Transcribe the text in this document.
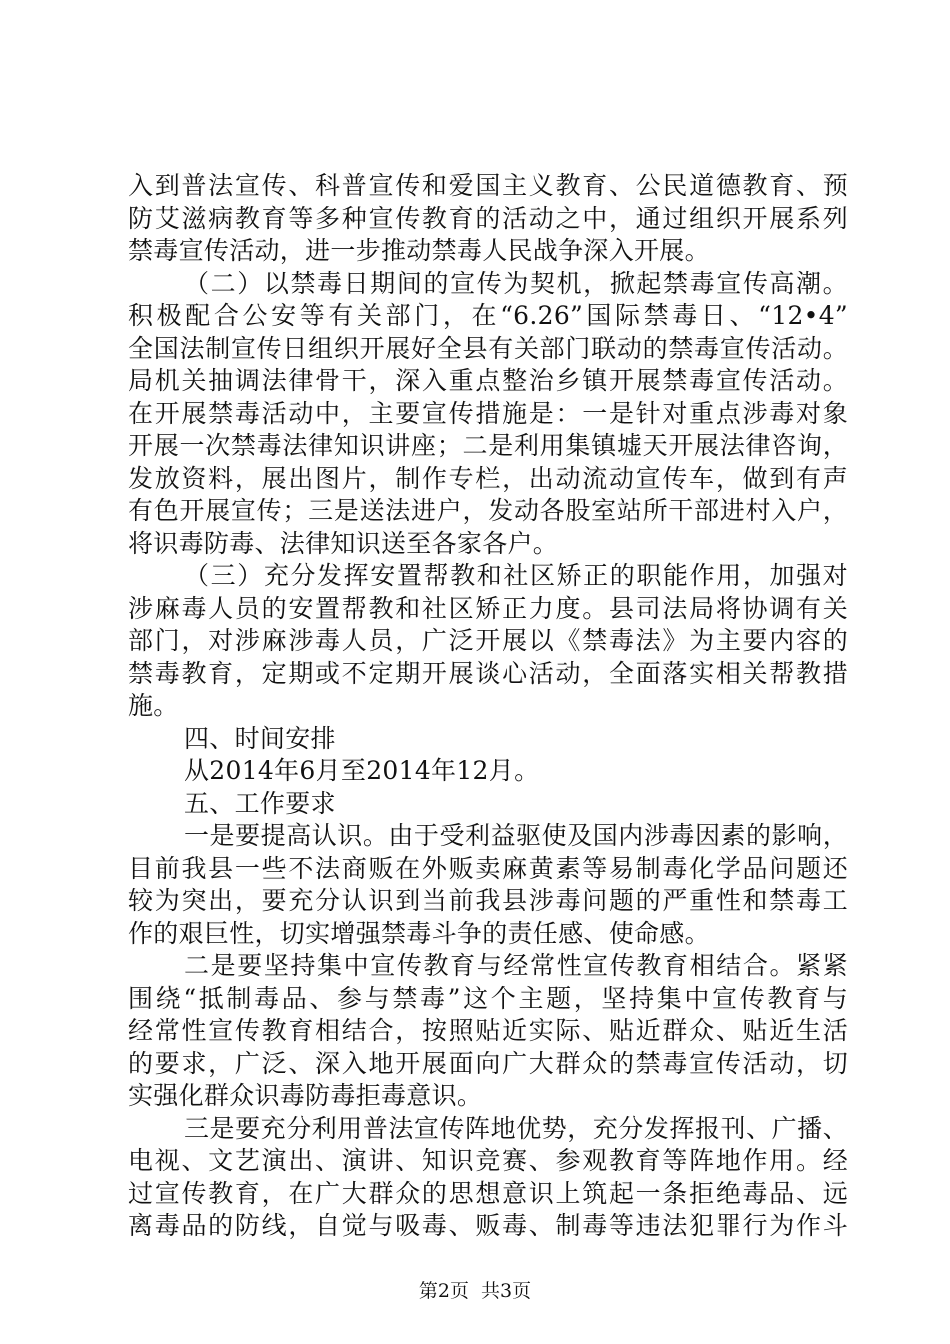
入到普法宣传、科普宣传和爱国主义教育、公民道德教育、预
防艾滋病教育等多种宣传教育的活动之中，通过组织开展系列
禁毒宣传活动，进一步推动禁毒人民战争深入开展。
（二）以禁毒日期间的宣传为契机，掀起禁毒宣传高潮。
积极配合公安等有关部门，在“6.26”国际禁毒日、“12•4”
全国法制宣传日组织开展好全县有关部门联动的禁毒宣传活动。
局机关抽调法律骨干，深入重点整治乡镇开展禁毒宣传活动。
在开展禁毒活动中，主要宣传措施是：一是针对重点涉毒对象
开展一次禁毒法律知识讲座；二是利用集镇墟天开展法律咨询，
发放资料，展出图片，制作专栏，出动流动宣传车，做到有声
有色开展宣传；三是送法进户，发动各股室站所干部进村入户，
将识毒防毒、法律知识送至各家各户。
（三）充分发挥安置帮教和社区矫正的职能作用，加强对
涉麻毒人员的安置帮教和社区矫正力度。县司法局将协调有关
部门，对涉麻涉毒人员，广泛开展以《禁毒法》为主要内容的
禁毒教育，定期或不定期开展谈心活动，全面落实相关帮教措
施。
四、时间安排
从2014年6月至2014年12月。
五、工作要求
一是要提高认识。由于受利益驱使及国内涉毒因素的影响，
目前我县一些不法商贩在外贩卖麻黄素等易制毒化学品问题还
较为突出，要充分认识到当前我县涉毒问题的严重性和禁毒工
作的艰巨性，切实增强禁毒斗争的责任感、使命感。
二是要坚持集中宣传教育与经常性宣传教育相结合。紧紧
围绕“抵制毒品、参与禁毒”这个主题，坚持集中宣传教育与
经常性宣传教育相结合，按照贴近实际、贴近群众、贴近生活
的要求，广泛、深入地开展面向广大群众的禁毒宣传活动，切
实强化群众识毒防毒拒毒意识。
三是要充分利用普法宣传阵地优势，充分发挥报刊、广播、
电视、文艺演出、演讲、知识竞赛、参观教育等阵地作用。经
过宣传教育，在广大群众的思想意识上筑起一条拒绝毒品、远
离毒品的防线，自觉与吸毒、贩毒、制毒等违法犯罪行为作斗
第2页  共3页
